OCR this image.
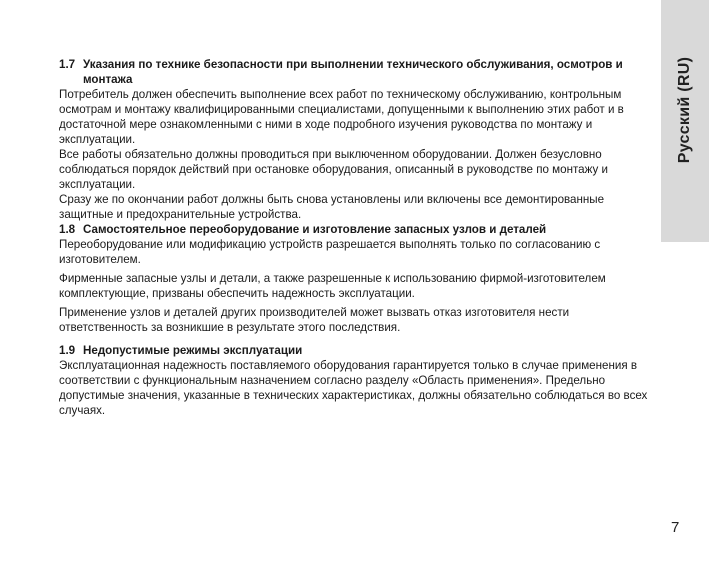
Русский (RU)
1.7 Указания по технике безопасности при выполнении технического обслуживания, осмотров и монтажа

Потребитель должен обеспечить выполнение всех работ по техническому обслуживанию, контрольным осмотрам и монтажу квалифицированными специалистами, допущенными к выполнению этих работ и в достаточной мере ознакомленными с ними в ходе подробного изучения руководства по монтажу и эксплуатации.

Все работы обязательно должны проводиться при выключенном оборудовании. Должен безусловно соблюдаться порядок действий при остановке оборудования, описанный в руководстве по монтажу и эксплуатации.

Сразу же по окончании работ должны быть снова установлены или включены все демонтированные защитные и предохранительные устройства.

1.8 Самостоятельное переоборудование и изготовление запасных узлов и деталей

Переоборудование или модификацию устройств разрешается выполнять только по согласованию с изготовителем.

Фирменные запасные узлы и детали, а также разрешенные к использованию фирмой-изготовителем комплектующие, призваны обеспечить надежность эксплуатации.

Применение узлов и деталей других производителей может вызвать отказ изготовителя нести ответственность за возникшие в результате этого последствия.

1.9 Недопустимые режимы эксплуатации

Эксплуатационная надежность поставляемого оборудования гарантируется только в случае применения в соответствии с функциональным назначением согласно разделу «Область применения». Предельно допустимые значения, указанные в технических характеристиках, должны обязательно соблюдаться во всех случаях.

7
